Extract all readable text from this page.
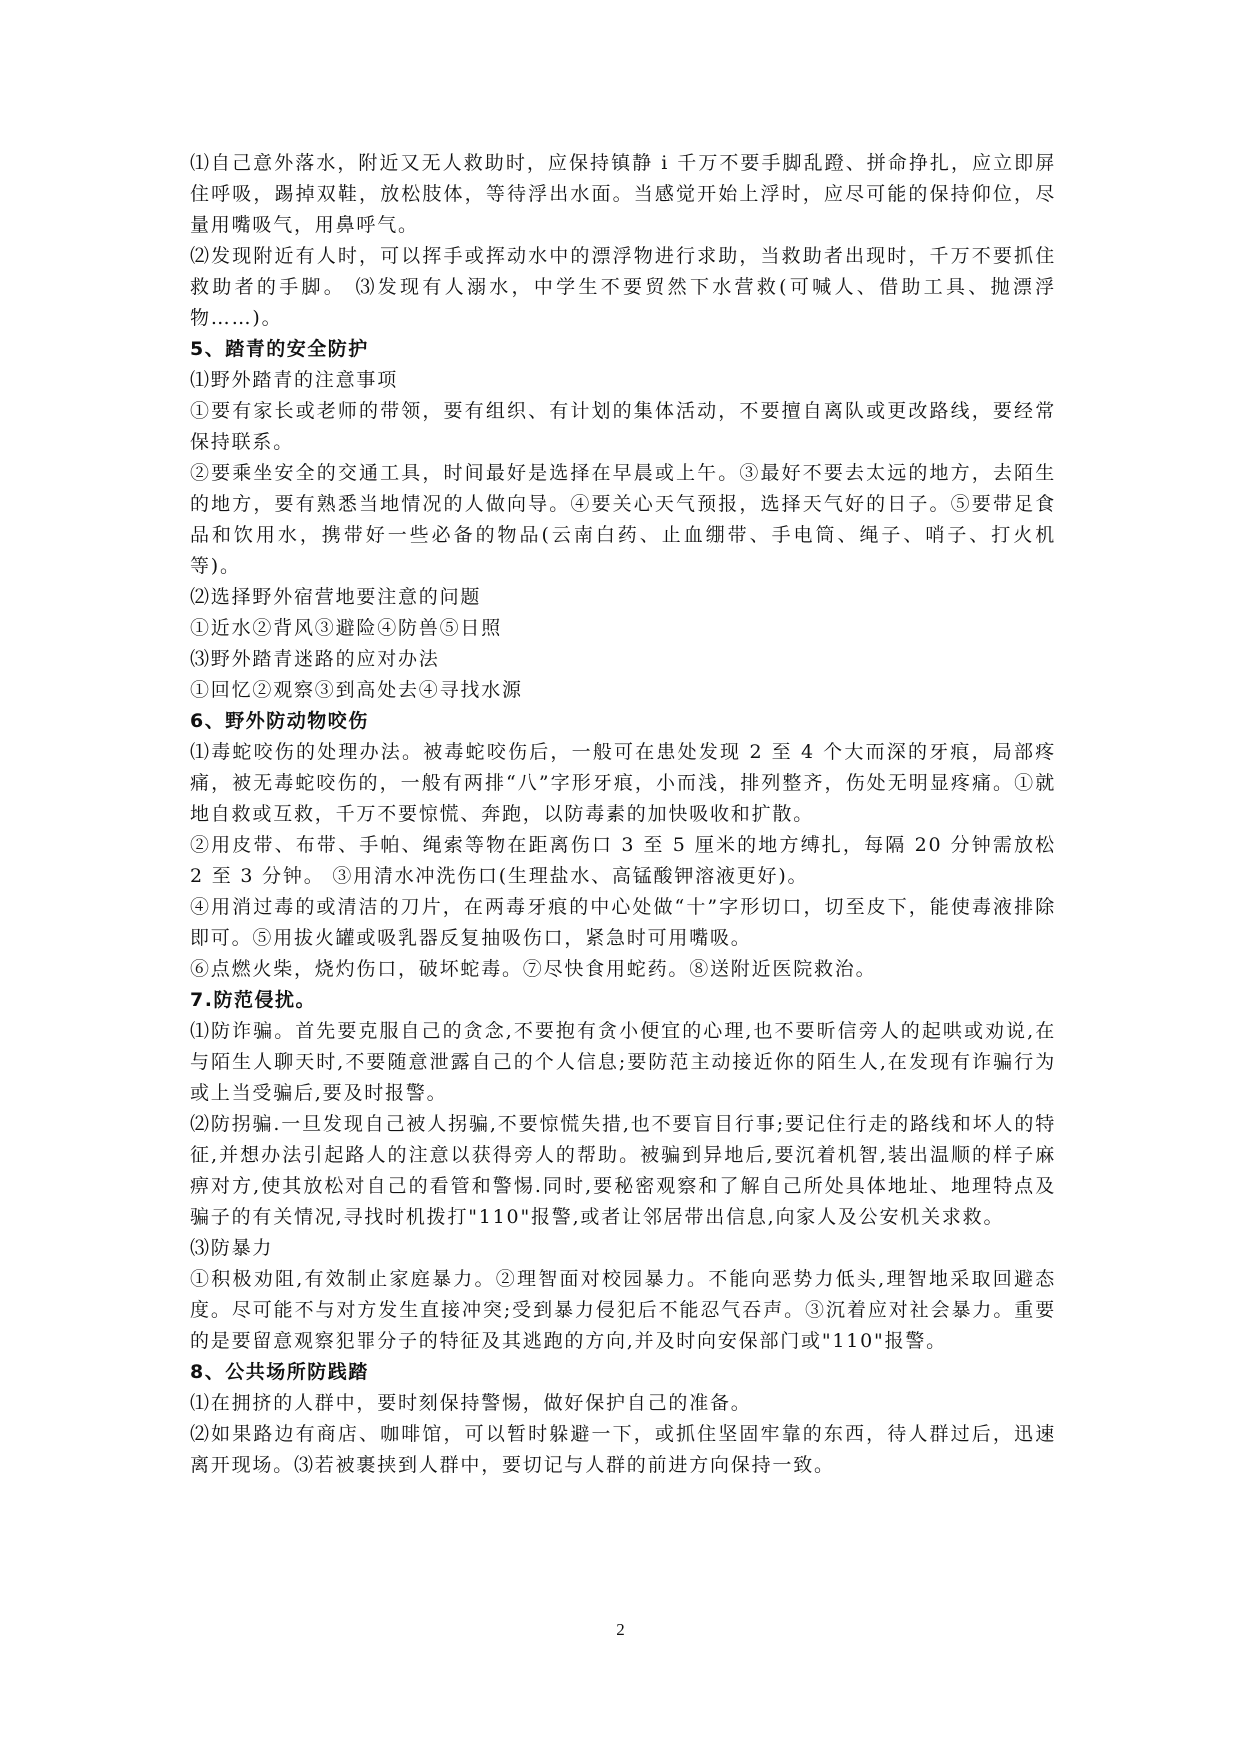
⑴自己意外落水，附近又无人救助时，应保持镇静 i 千万不要手脚乱蹬、拼命挣扎，应立即屏住呼吸，踢掉双鞋，放松肢体，等待浮出水面。当感觉开始上浮时，应尽可能的保持仰位，尽量用嘴吸气，用鼻呼气。

⑵发现附近有人时，可以挥手或挥动水中的漂浮物进行求助，当救助者出现时，千万不要抓住救助者的手脚。 ⑶发现有人溺水，中学生不要贸然下水营救(可喊人、借助工具、抛漂浮物……)。

5、踏青的安全防护

⑴野外踏青的注意事项

①要有家长或老师的带领，要有组织、有计划的集体活动，不要擅自离队或更改路线，要经常保持联系。

②要乘坐安全的交通工具，时间最好是选择在早晨或上午。③最好不要去太远的地方，去陌生的地方，要有熟悉当地情况的人做向导。④要关心天气预报，选择天气好的日子。⑤要带足食品和饮用水，携带好一些必备的物品(云南白药、止血绷带、手电筒、绳子、哨子、打火机等)。

⑵选择野外宿营地要注意的问题

①近水②背风③避险④防兽⑤日照

⑶野外踏青迷路的应对办法

①回忆②观察③到高处去④寻找水源

6、野外防动物咬伤

⑴毒蛇咬伤的处理办法。被毒蛇咬伤后，一般可在患处发现 2 至 4 个大而深的牙痕，局部疼痛，被无毒蛇咬伤的，一般有两排“八”字形牙痕，小而浅，排列整齐，伤处无明显疼痛。①就地自救或互救，千万不要惊慌、奔跑，以防毒素的加快吸收和扩散。

②用皮带、布带、手帕、绳索等物在距离伤口 3 至 5 厘米的地方缚扎，每隔 20 分钟需放松 2 至 3 分钟。 ③用清水冲洗伤口(生理盐水、高锰酸钾溶液更好)。

④用消过毒的或清洁的刀片，在两毒牙痕的中心处做“十”字形切口，切至皮下，能使毒液排除即可。⑤用拔火罐或吸乳器反复抽吸伤口，紧急时可用嘴吸。

⑥点燃火柴，烧灼伤口，破坏蛇毒。⑦尽快食用蛇药。⑧送附近医院救治。

7.防范侵扰。

⑴防诈骗。首先要克服自己的贪念,不要抱有贪小便宜的心理,也不要昕信旁人的起哄或劝说,在与陌生人聊天时,不要随意泄露自己的个人信息;要防范主动接近你的陌生人,在发现有诈骗行为或上当受骗后,要及时报警。

⑵防拐骗.一旦发现自己被人拐骗,不要惊慌失措,也不要盲目行事;要记住行走的路线和坏人的特征,并想办法引起路人的注意以获得旁人的帮助。被骗到异地后,要沉着机智,装出温顺的样子麻痹对方,使其放松对自己的看管和警惕.同时,要秘密观察和了解自己所处具体地址、地理特点及骗子的有关情况,寻找时机拨打"110"报警,或者让邻居带出信息,向家人及公安机关求救。

⑶防暴力

①积极劝阻,有效制止家庭暴力。②理智面对校园暴力。不能向恶势力低头,理智地采取回避态度。尽可能不与对方发生直接冲突;受到暴力侵犯后不能忍气吞声。③沉着应对社会暴力。重要的是要留意观察犯罪分子的特征及其逃跑的方向,并及时向安保部门或"110"报警。

8、公共场所防践踏

⑴在拥挤的人群中，要时刻保持警惕，做好保护自己的准备。

⑵如果路边有商店、咖啡馆，可以暂时躲避一下，或抓住坚固牢靠的东西，待人群过后，迅速离开现场。⑶若被裹挟到人群中，要切记与人群的前进方向保持一致。

2
